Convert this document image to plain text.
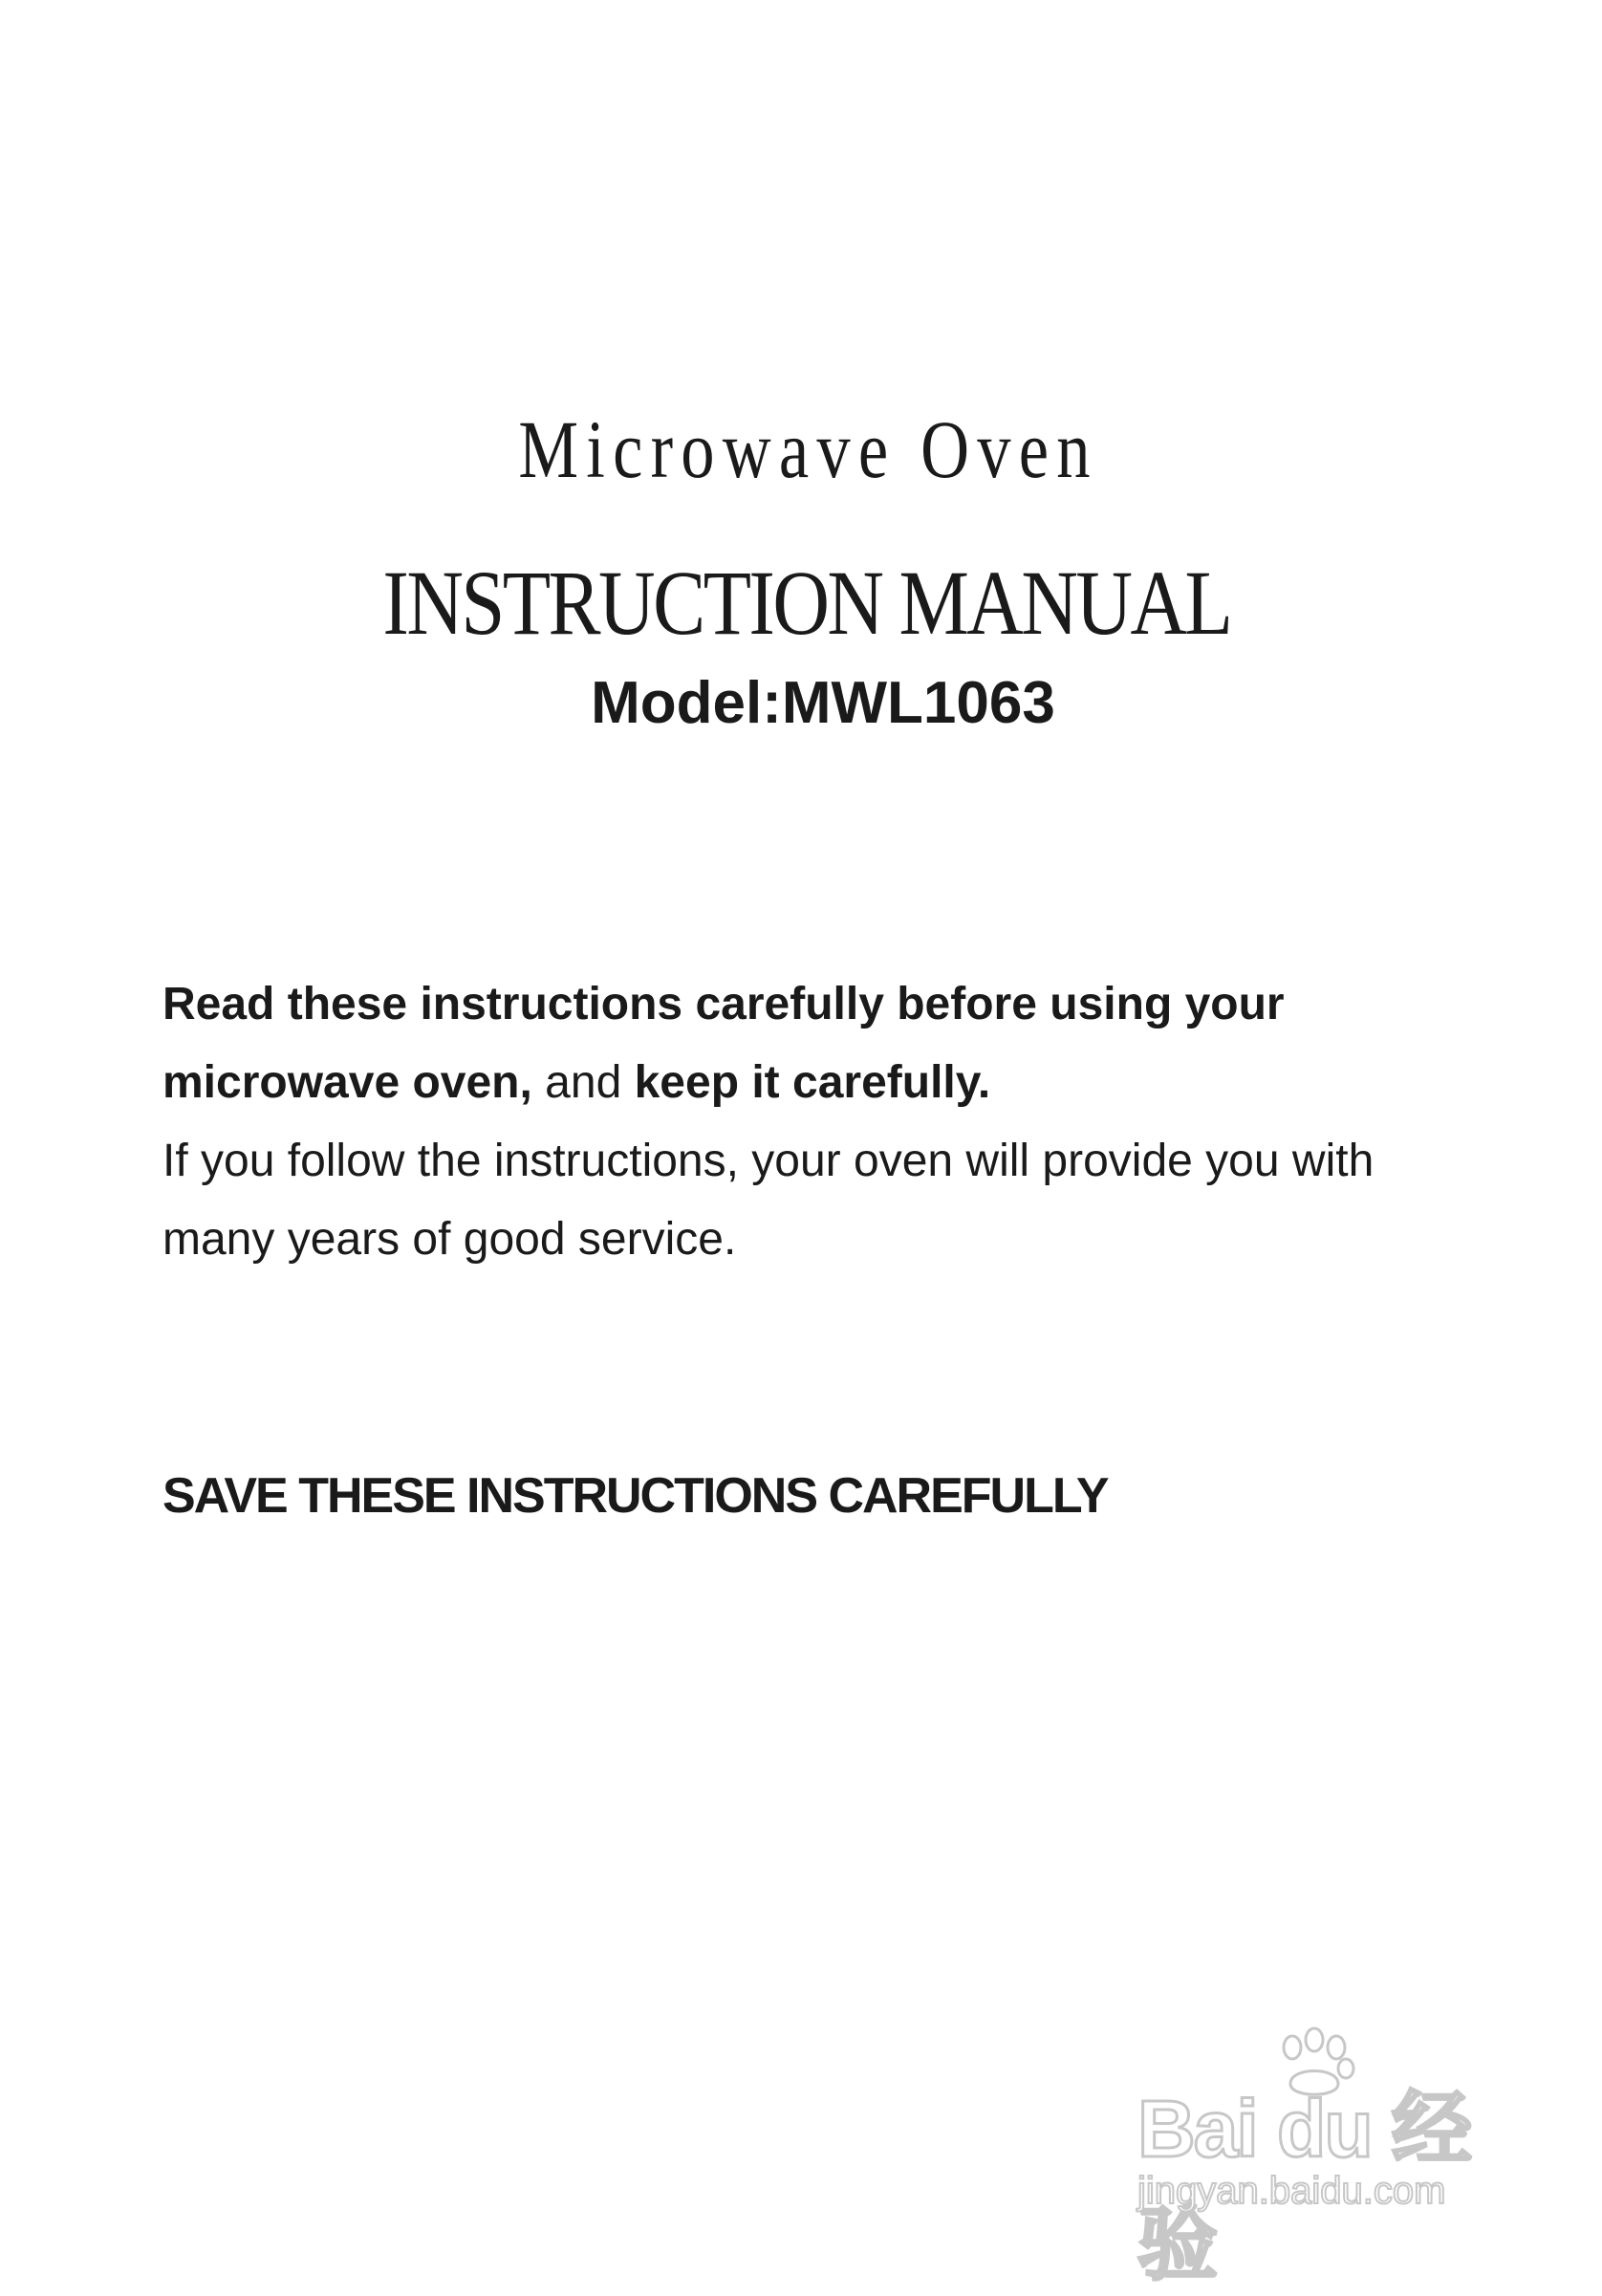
Microwave Oven
INSTRUCTION MANUAL
Model:MWL1063
Read these instructions carefully before using your
microwave oven, and keep it carefully.
If you follow the instructions, your oven will provide you with
many years of good service.
SAVE THESE INSTRUCTIONS CAREFULLY
Bai du 经验
jingyan.baidu.com
